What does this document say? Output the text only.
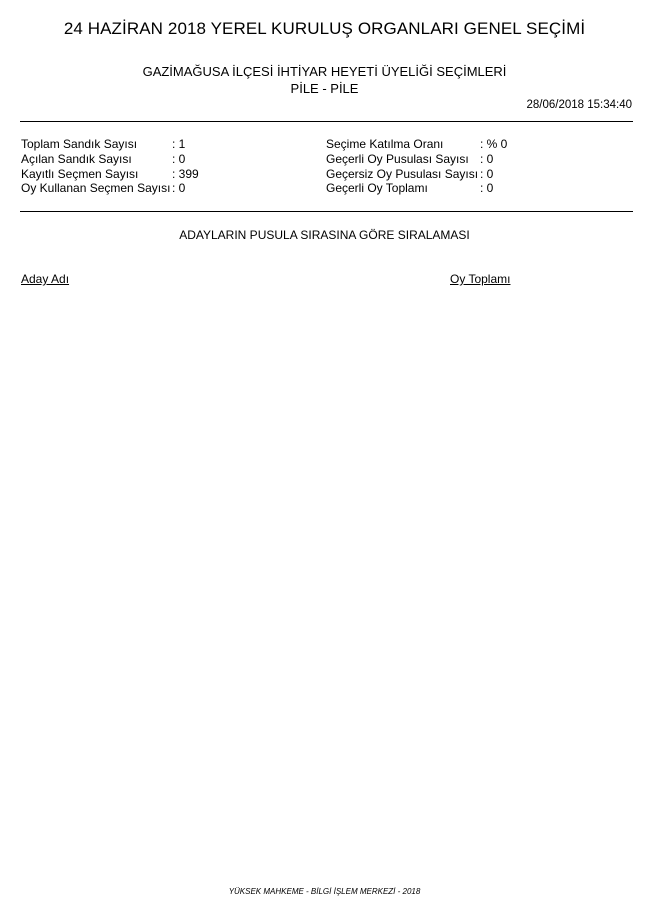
24 HAZİRAN 2018 YEREL KURULUŞ ORGANLARI GENEL SEÇİMİ
GAZİMAĞUSA İLÇESİ İHTİYAR HEYETİ ÜYELİĞİ SEÇİMLERİ
PİLE - PİLE
28/06/2018 15:34:40
Toplam Sandık Sayısı	: 1
Açılan Sandık Sayısı	: 0
Kayıtlı Seçmen Sayısı	: 399
Oy Kullanan Seçmen Sayısı : 0
Seçime Katılma Oranı	: % 0
Geçerli Oy Pusulası Sayısı : 0
Geçersiz Oy Pusulası Sayısı : 0
Geçerli Oy Toplamı	: 0
ADAYLARIN PUSULA SIRASINA GÖRE SIRALAMASI
Aday Adı	Oy Toplamı
YÜKSEK MAHKEME - BİLGİ İŞLEM MERKEZİ - 2018
